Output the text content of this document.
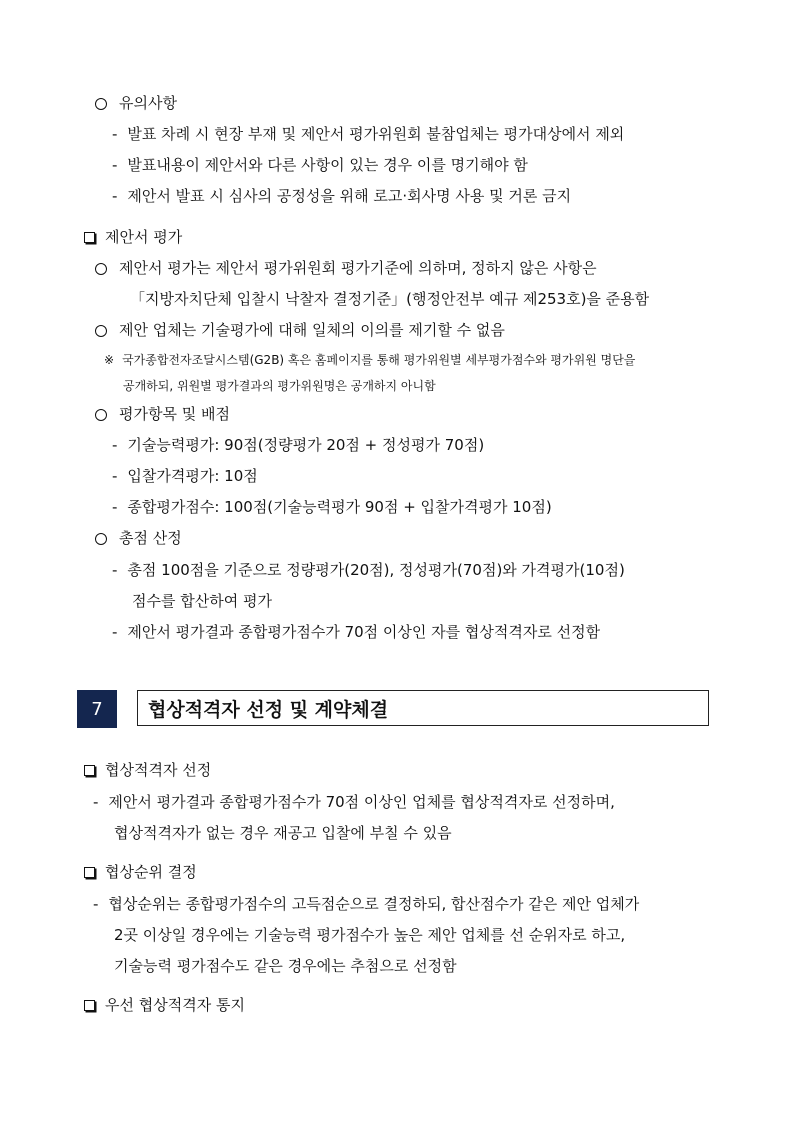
유의사항
- 발표 차례 시 현장 부재 및 제안서 평가위원회 불참업체는 평가대상에서 제외
- 발표내용이 제안서와 다른 사항이 있는 경우 이를 명기해야 함
- 제안서 발표 시 심사의 공정성을 위해 로고·회사명 사용 및 거론 금지
제안서 평가
제안서 평가는 제안서 평가위원회 평가기준에 의하며, 정하지 않은 사항은
「지방자치단체 입찰시 낙찰자 결정기준」(행정안전부 예규 제253호)을 준용함
제안 업체는 기술평가에 대해 일체의 이의를 제기할 수 없음
※ 국가종합전자조달시스템(G2B) 혹은 홈페이지를 통해 평가위원별 세부평가점수와 평가위원 명단을
공개하되, 위원별 평가결과의 평가위원명은 공개하지 아니함
평가항목 및 배점
- 기술능력평가: 90점(정량평가 20점 + 정성평가 70점)
- 입찰가격평가: 10점
- 종합평가점수: 100점(기술능력평가 90점 + 입찰가격평가 10점)
총점 산정
- 총점 100점을 기준으로 정량평가(20점), 정성평가(70점)와 가격평가(10점)
점수를 합산하여 평가
- 제안서 평가결과 종합평가점수가 70점 이상인 자를 협상적격자로 선정함
7	협상적격자 선정 및 계약체결
협상적격자 선정
- 제안서 평가결과 종합평가점수가 70점 이상인 업체를 협상적격자로 선정하며,
협상적격자가 없는 경우 재공고 입찰에 부칠 수 있음
협상순위 결정
- 협상순위는 종합평가점수의 고득점순으로 결정하되, 합산점수가 같은 제안 업체가
2곳 이상일 경우에는 기술능력 평가점수가 높은 제안 업체를 선 순위자로 하고,
기술능력 평가점수도 같은 경우에는 추첨으로 선정함
우선 협상적격자 통지
